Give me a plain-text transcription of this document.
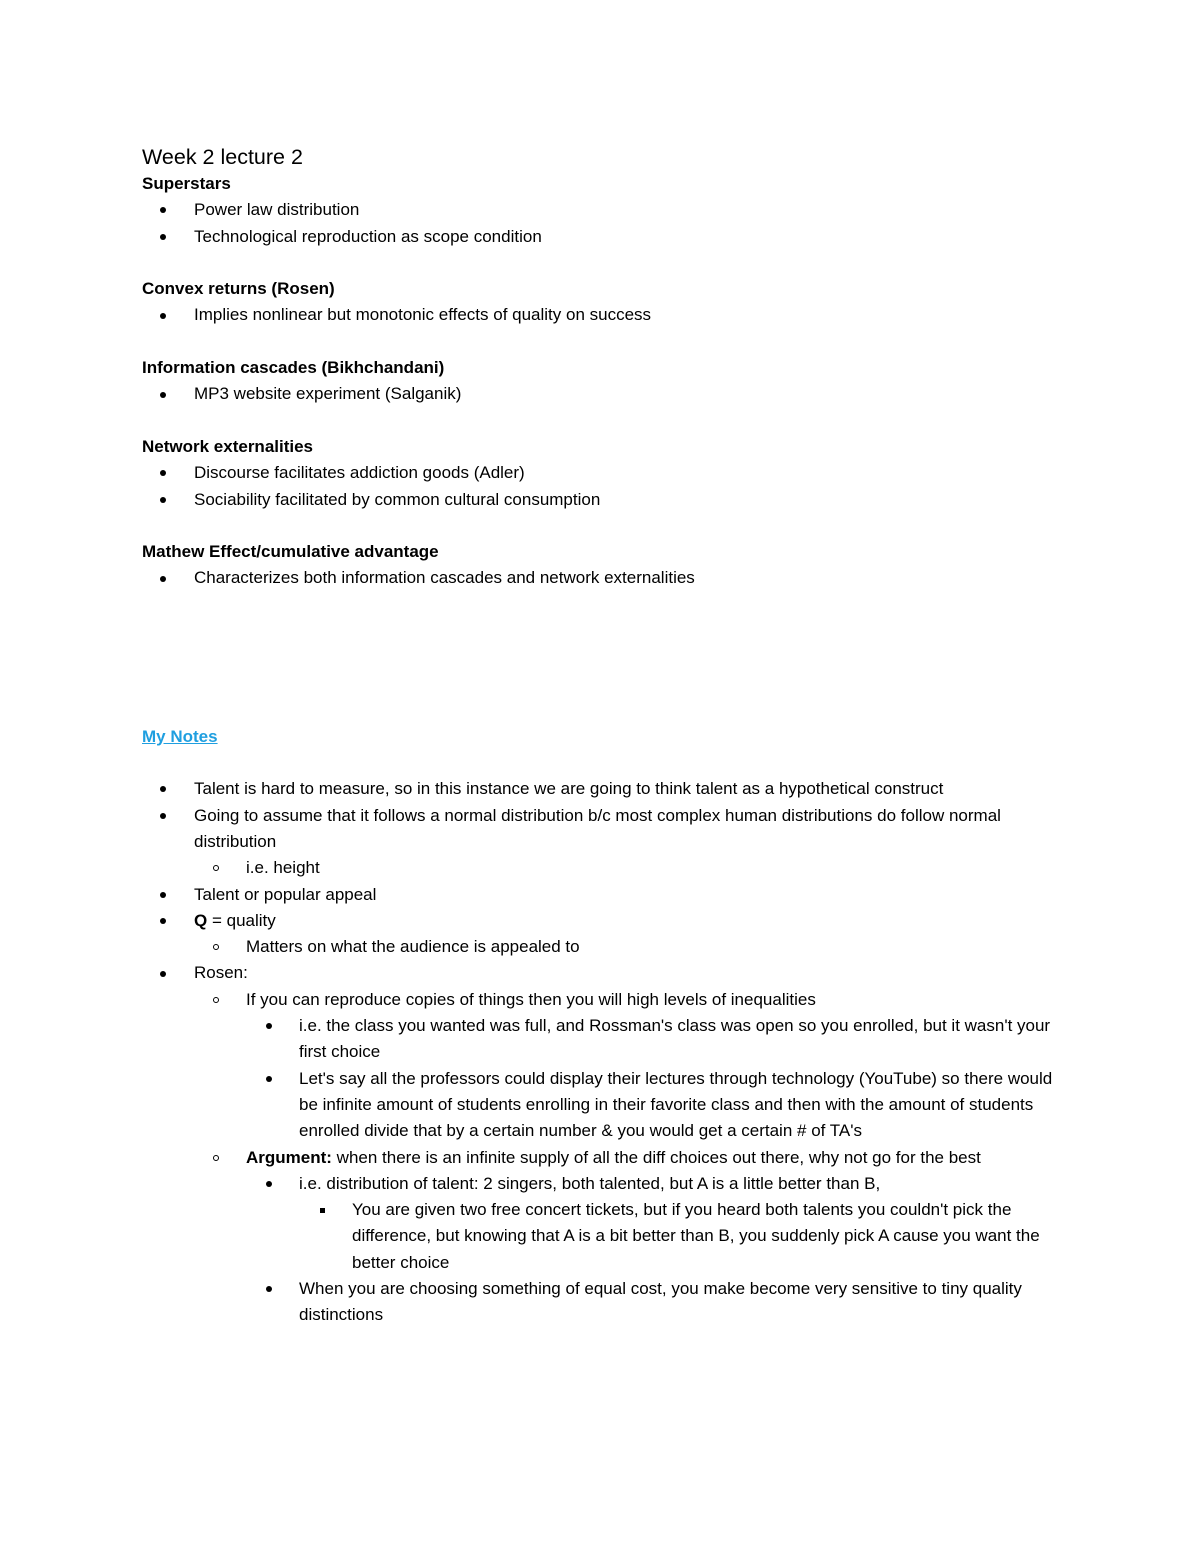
Week 2 lecture 2

Superstars

Power law distribution
Technological reproduction as scope condition

Convex returns (Rosen)

Implies nonlinear but monotonic effects of quality on success

Information cascades (Bikhchandani)

MP3 website experiment (Salganik)

Network externalities

Discourse facilitates addiction goods (Adler)
Sociability facilitated by common cultural consumption

Mathew Effect/cumulative advantage

Characterizes both information cascades and network externalities

My Notes

Talent is hard to measure, so in this instance we are going to think talent as a hypothetical construct
Going to assume that it follows a normal distribution b/c most complex human distributions do follow normal distribution
i.e. height
Talent or popular appeal
Q = quality
Matters on what the audience is appealed to
Rosen:
If you can reproduce copies of things then you will high levels of inequalities
i.e. the class you wanted was full, and Rossman's class was open so you enrolled, but it wasn't your first choice
Let's say all the professors could display their lectures through technology (YouTube) so there would be infinite amount of students enrolling in their favorite class and then with the amount of students enrolled divide that by a certain number & you would get a certain # of TA's
Argument: when there is an infinite supply of all the diff choices out there, why not go for the best
i.e. distribution of talent: 2 singers, both talented, but A is a little better than B,
You are given two free concert tickets, but if you heard both talents you couldn't pick the difference, but knowing that A is a bit better than B, you suddenly pick A cause you want the better choice
When you are choosing something of equal cost, you make become very sensitive to tiny quality distinctions
